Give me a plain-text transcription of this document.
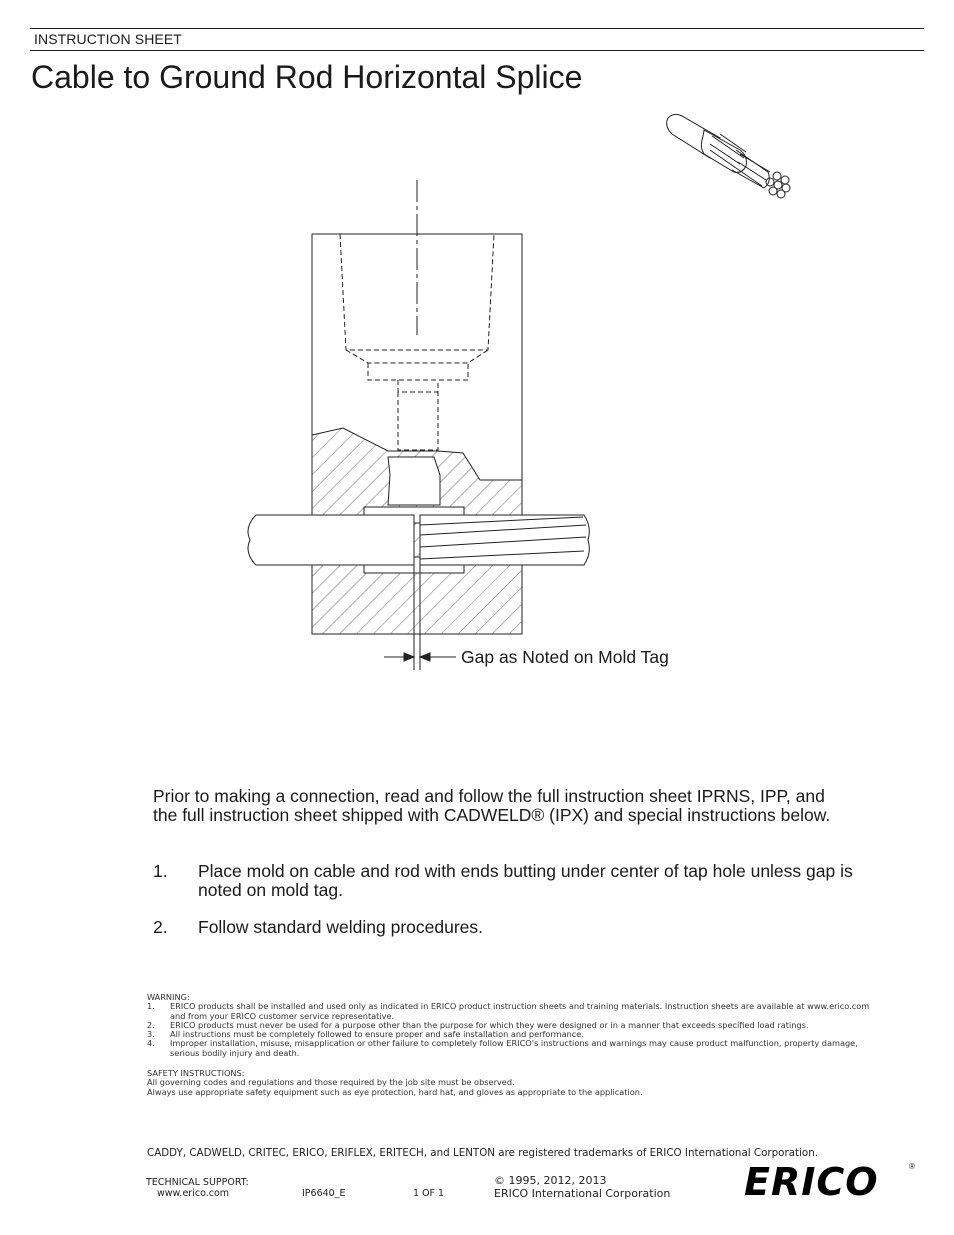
INSTRUCTION SHEET
Cable to Ground Rod Horizontal Splice
Gap as Noted on Mold Tag
Prior to making a connection, read and follow the full instruction sheet IPRNS, IPP, and the full instruction sheet shipped with CADWELD® (IPX) and special instructions below.
1. Place mold on cable and rod with ends butting under center of tap hole unless gap is noted on mold tag.
2. Follow standard welding procedures.
WARNING:
1. ERICO products shall be installed and used only as indicated in ERICO product instruction sheets and training materials. Instruction sheets are available at www.erico.com and from your ERICO customer service representative.
2. ERICO products must never be used for a purpose other than the purpose for which they were designed or in a manner that exceeds specified load ratings.
3. All instructions must be completely followed to ensure proper and safe installation and performance.
4. Improper installation, misuse, misapplication or other failure to completely follow ERICO's instructions and warnings may cause product malfunction, property damage, serious bodily injury and death.
SAFETY INSTRUCTIONS:
All governing codes and regulations and those required by the job site must be observed.
Always use appropriate safety equipment such as eye protection, hard hat, and gloves as appropriate to the application.
CADDY, CADWELD, CRITEC, ERICO, ERIFLEX, ERITECH, and LENTON are registered trademarks of ERICO International Corporation.
TECHNICAL SUPPORT:
www.erico.com	IP6640_E	1 OF 1
© 1995, 2012, 2013
ERICO International Corporation ERICO	®
